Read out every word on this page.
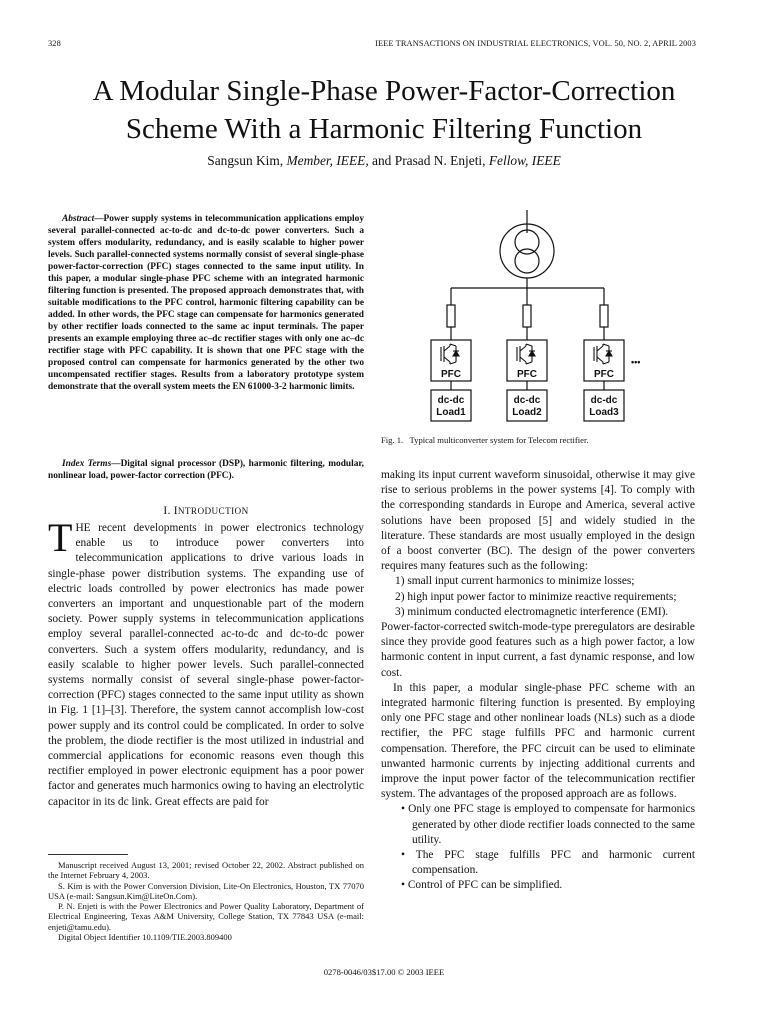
328	IEEE TRANSACTIONS ON INDUSTRIAL ELECTRONICS, VOL. 50, NO. 2, APRIL 2003
A Modular Single-Phase Power-Factor-Correction
Scheme With a Harmonic Filtering Function
Sangsun Kim, Member, IEEE, and Prasad N. Enjeti, Fellow, IEEE
Abstract—Power supply systems in telecommunication applications employ several parallel-connected ac-to-dc and dc-to-dc power converters. Such a system offers modularity, redundancy, and is easily scalable to higher power levels. Such parallel-connected systems normally consist of several single-phase power-factor-correction (PFC) stages connected to the same input utility. In this paper, a modular single-phase PFC scheme with an integrated harmonic filtering function is presented. The proposed approach demonstrates that, with suitable modifications to the PFC control, harmonic filtering capability can be added. In other words, the PFC stage can compensate for harmonics generated by other rectifier loads connected to the same ac input terminals. The paper presents an example employing three ac–dc rectifier stages with only one ac–dc rectifier stage with PFC capability. It is shown that one PFC stage with the proposed control can compensate for harmonics generated by the other two uncompensated rectifier stages. Results from a laboratory prototype system demonstrate that the overall system meets the EN 61000-3-2 harmonic limits.
Index Terms—Digital signal processor (DSP), harmonic filtering, modular, nonlinear load, power-factor correction (PFC).
I. INTRODUCTION
THE recent developments in power electronics technology enable us to introduce power converters into telecommunication applications to drive various loads in single-phase power distribution systems. The expanding use of electric loads controlled by power electronics has made power converters an important and unquestionable part of the modern society. Power supply systems in telecommunication applications employ several parallel-connected ac-to-dc and dc-to-dc power converters. Such a system offers modularity, redundancy, and is easily scalable to higher power levels. Such parallel-connected systems normally consist of several single-phase power-factor-correction (PFC) stages connected to the same input utility as shown in Fig. 1 [1]–[3]. Therefore, the system cannot accomplish low-cost power supply and its control could be complicated. In order to solve the problem, the diode rectifier is the most utilized in industrial and commercial applications for economic reasons even though this rectifier employed in power electronic equipment has a poor power factor and generates much harmonics owing to having an electrolytic capacitor in its dc link. Great effects are paid for
Manuscript received August 13, 2001; revised October 22, 2002. Abstract published on the Internet February 4, 2003.
S. Kim is with the Power Conversion Division, Lite-On Electronics, Houston, TX 77070 USA (e-mail: Sangsun.Kim@LiteOn.Com).
P. N. Enjeti is with the Power Electronics and Power Quality Laboratory, Department of Electrical Engineering, Texas A&M University, College Station, TX 77843 USA (e-mail: enjeti@tamu.edu).
Digital Object Identifier 10.1109/TIE.2003.809400
PFC	PFC	PFC
dc-dc
Load1
dc-dc
Load2
dc-dc
Load3
•••
Fig. 1.   Typical multiconverter system for Telecom rectifier.

making its input current waveform sinusoidal, otherwise it may give rise to serious problems in the power systems [4]. To comply with the corresponding standards in Europe and America, several active solutions have been proposed [5] and widely studied in the literature. These standards are most usually employed in the design of a boost converter (BC). The design of the power converters requires many features such as the following:

1) small input current harmonics to minimize losses;
2) high input power factor to minimize reactive requirements;
3) minimum conducted electromagnetic interference (EMI).

Power-factor-corrected switch-mode-type preregulators are desirable since they provide good features such as a high power factor, a low harmonic content in input current, a fast dynamic response, and low cost.

In this paper, a modular single-phase PFC scheme with an integrated harmonic filtering function is presented. By employing only one PFC stage and other nonlinear loads (NLs) such as a diode rectifier, the PFC stage fulfills PFC and harmonic current compensation. Therefore, the PFC circuit can be used to eliminate unwanted harmonic currents by injecting additional currents and improve the input power factor of the telecommunication rectifier system. The advantages of the proposed approach are as follows.

• Only one PFC stage is employed to compensate for harmonics generated by other diode rectifier loads connected to the same utility.
• The PFC stage fulfills PFC and harmonic current compensation.
• Control of PFC can be simplified.
0278-0046/03$17.00 © 2003 IEEE
